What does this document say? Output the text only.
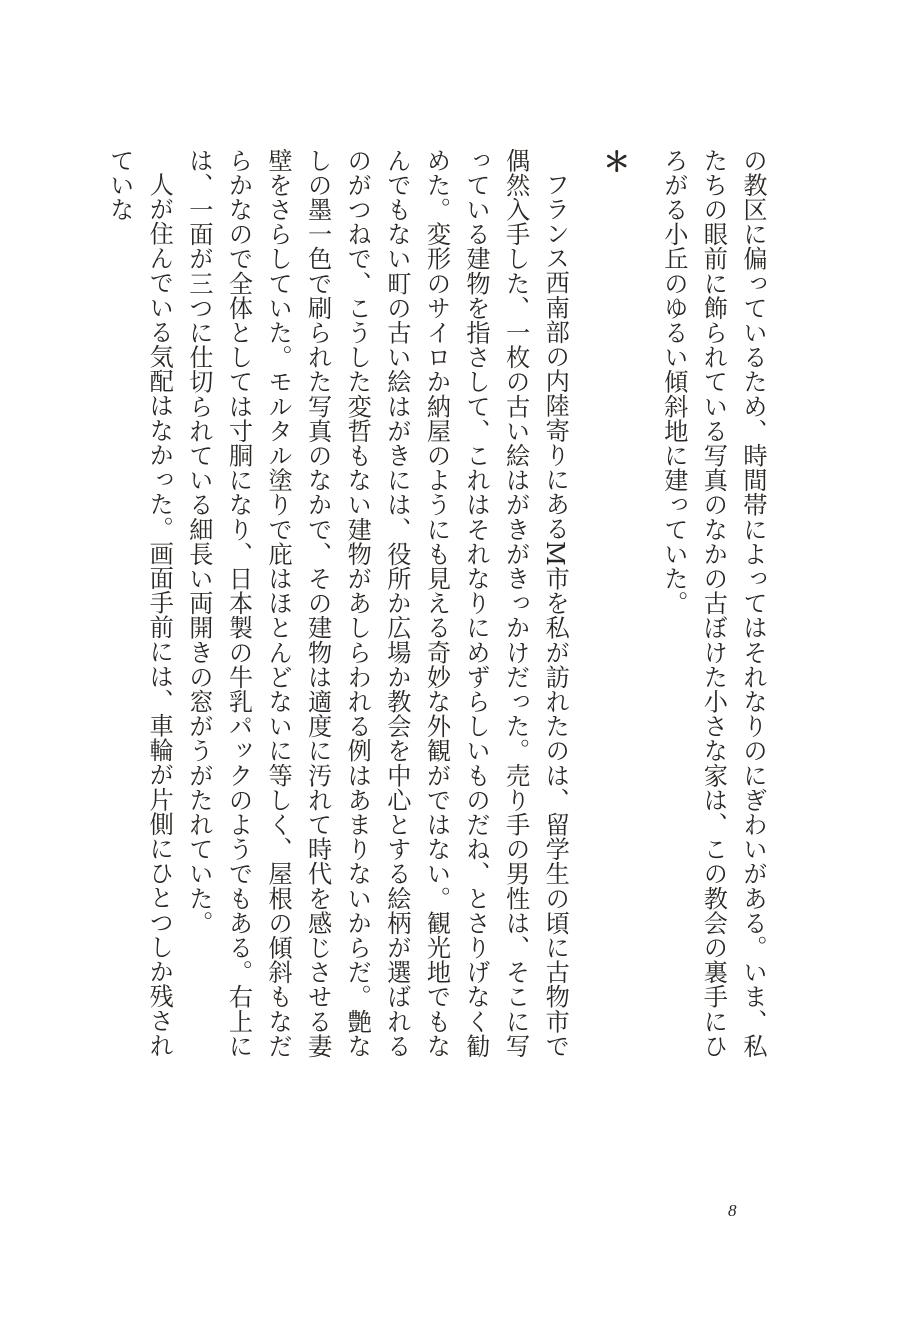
の教区に偏っているため、時間帯によってはそれなりのにぎわいがある。いま、私たちの眼前に飾られている写真のなかの古ぼけた小さな家は、この教会の裏手にひろがる小丘のゆるい傾斜地に建っていた。

＊

フランス西南部の内陸寄りにあるM市を私が訪れたのは、留学生の頃に古物市で偶然入手した、一枚の古い絵はがきがきっかけだった。売り手の男性は、そこに写っている建物を指さして、これはそれなりにめずらしいものだね、とさりげなく勧めた。変形のサイロか納屋のようにも見える奇妙な外観がではない。観光地でもなんでもない町の古い絵はがきには、役所か広場か教会を中心とする絵柄が選ばれるのがつねで、こうした変哲もない建物があしらわれる例はあまりないからだ。艶なしの墨一色で刷られた写真のなかで、その建物は適度に汚れて時代を感じさせる妻壁をさらしていた。モルタル塗りで庇はほとんどないに等しく、屋根の傾斜もなだらかなので全体としては寸胴になり、日本製の牛乳パックのようでもある。右上には、一面が三つに仕切られている細長い両開きの窓がうがたれていた。

人が住んでいる気配はなかった。画面手前には、車輪が片側にひとつしか残されていな

8
